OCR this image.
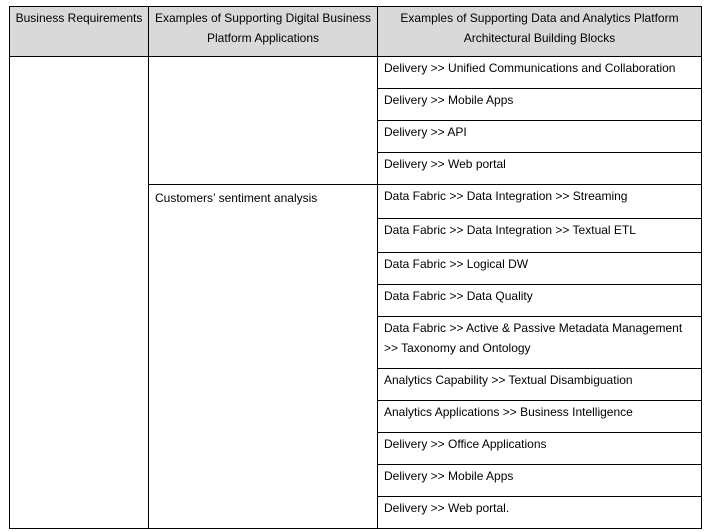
Business Requirements	Examples of Supporting Digital Business Platform Applications	Examples of Supporting Data and Analytics Platform Architectural Building Blocks
		Delivery >> Unified Communications and Collaboration
		Delivery >> Mobile Apps
		Delivery >> API
		Delivery >> Web portal
	Customers’ sentiment analysis	Data Fabric >> Data Integration >> Streaming
		Data Fabric >> Data Integration >> Textual ETL
		Data Fabric >> Logical DW
		Data Fabric >> Data Quality
		Data Fabric >> Active & Passive Metadata Management >> Taxonomy and Ontology
		Analytics Capability >> Textual Disambiguation
		Analytics Applications >> Business Intelligence
		Delivery >> Office Applications
		Delivery >> Mobile Apps
		Delivery >> Web portal.
